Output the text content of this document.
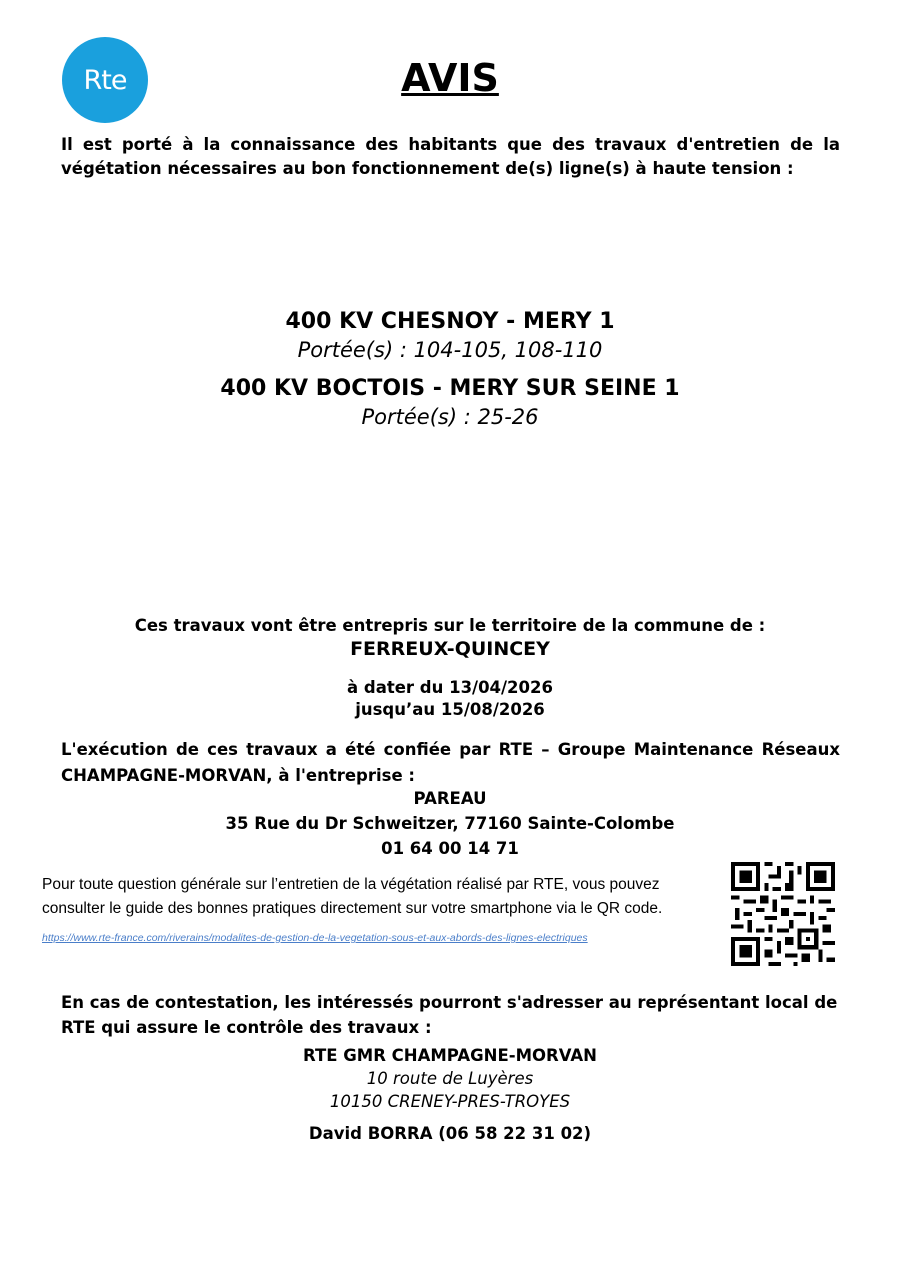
Rte	AVIS
Il est porté à la connaissance des habitants que des travaux d'entretien de la végétation nécessaires au bon fonctionnement de(s) ligne(s) à haute tension :
400 KV CHESNOY - MERY 1
Portée(s) : 104-105, 108-110
400 KV BOCTOIS - MERY SUR SEINE 1
Portée(s) : 25-26
Ces travaux vont être entrepris sur le territoire de la commune de :
FERREUX-QUINCEY
à dater du 13/04/2026
jusqu’au 15/08/2026
L'exécution de ces travaux a été confiée par RTE – Groupe Maintenance Réseaux CHAMPAGNE-MORVAN, à l'entreprise :
PAREAU
35 Rue du Dr Schweitzer, 77160 Sainte-Colombe
01 64 00 14 71
Pour toute question générale sur l’entretien de la végétation réalisé par RTE, vous pouvez consulter le guide des bonnes pratiques directement sur votre smartphone via le QR code.
https://www.rte-france.com/riverains/modalites-de-gestion-de-la-vegetation-sous-et-aux-abords-des-lignes-electriques
En cas de contestation, les intéressés pourront s'adresser au représentant local de RTE qui assure le contrôle des travaux :
RTE GMR CHAMPAGNE-MORVAN
10 route de Luyères
10150 CRENEY-PRES-TROYES
David BORRA (06 58 22 31 02)
